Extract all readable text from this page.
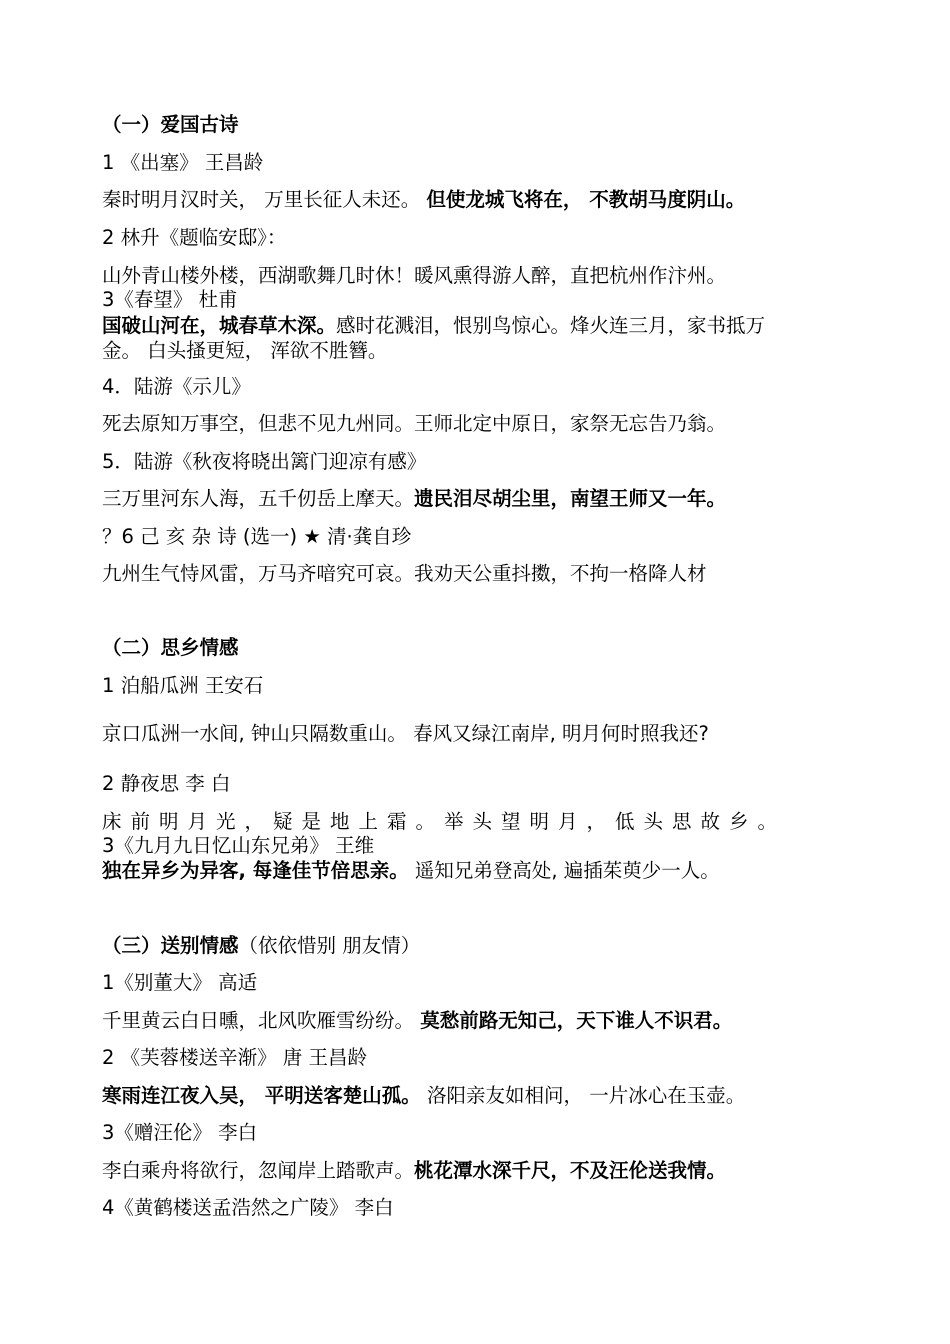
（一）爱国古诗

1 《出塞》 王昌龄

秦时明月汉时关， 万里长征人未还。 但使龙城飞将在， 不教胡马度阴山。

2 林升《题临安邸》：

山外青山楼外楼，西湖歌舞几时休！暖风熏得游人醉，直把杭州作汴州。

3《春望》 杜甫

国破山河在，城春草木深。感时花溅泪，恨别鸟惊心。烽火连三月，家书抵万

金。 白头搔更短， 浑欲不胜簪。

4．陆游《示儿》

死去原知万事空，但悲不见九州同。王师北定中原日，家祭无忘告乃翁。

5．陆游《秋夜将晓出篱门迎凉有感》

三万里河东人海，五千仞岳上摩天。遗民泪尽胡尘里，南望王师又一年。

？6 己 亥 杂 诗 (选一) ★ 清·龚自珍

九州生气恃风雷，万马齐喑究可哀。我劝天公重抖擞，不拘一格降人材

（二）思乡情感

1 泊船瓜洲 王安石

京口瓜洲一水间, 钟山只隔数重山。 春风又绿江南岸, 明月何时照我还?

2 静夜思 李 白

床前明月光，疑是地上霜。举头望明月，低头思故乡。

3《九月九日忆山东兄弟》 王维

独在异乡为异客, 每逢佳节倍思亲。 遥知兄弟登高处, 遍插茱萸少一人。

（三）送别情感（依依惜别 朋友情）

1《别董大》 高适

千里黄云白日曛，北风吹雁雪纷纷。 莫愁前路无知己，天下谁人不识君。

2 《芙蓉楼送辛渐》 唐 王昌龄

寒雨连江夜入吴， 平明送客楚山孤。 洛阳亲友如相问， 一片冰心在玉壶。

3《赠汪伦》 李白

李白乘舟将欲行，忽闻岸上踏歌声。桃花潭水深千尺，不及汪伦送我情。

4《黄鹤楼送孟浩然之广陵》 李白
